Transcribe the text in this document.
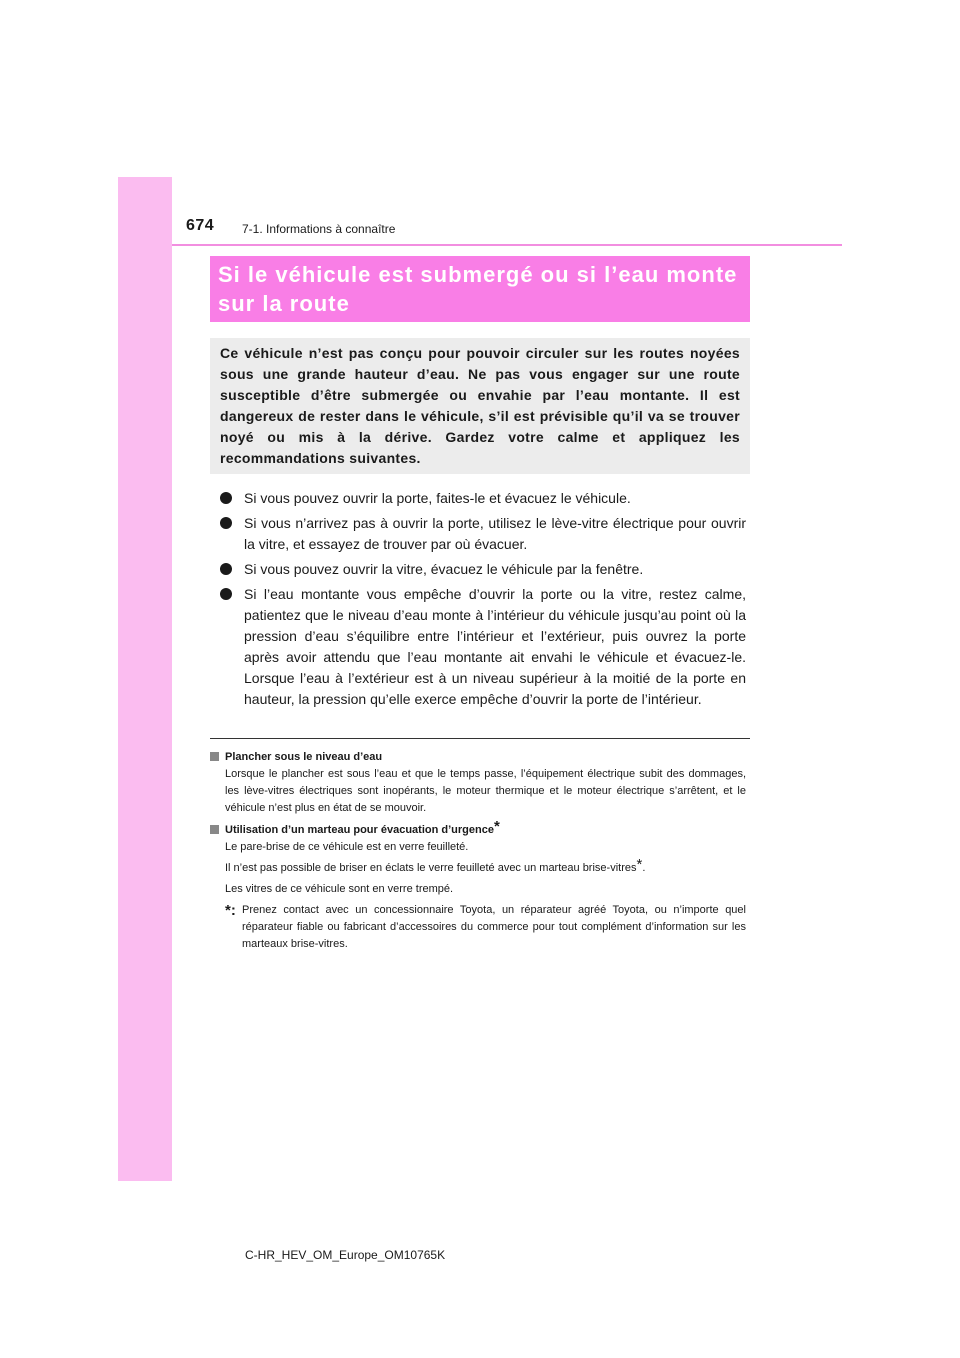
674 7-1. Informations à connaître
Si le véhicule est submergé ou si l’eau monte sur la route

Ce véhicule n’est pas conçu pour pouvoir circuler sur les routes noyées sous une grande hauteur d’eau. Ne pas vous engager sur une route susceptible d’être submergée ou envahie par l’eau montante. Il est dangereux de rester dans le véhicule, s’il est prévisible qu’il va se trouver noyé ou mis à la dérive. Gardez votre calme et appliquez les recommandations suivantes.

Si vous pouvez ouvrir la porte, faites-le et évacuez le véhicule.
Si vous n’arrivez pas à ouvrir la porte, utilisez le lève-vitre électrique pour ouvrir la vitre, et essayez de trouver par où évacuer.
Si vous pouvez ouvrir la vitre, évacuez le véhicule par la fenêtre.
Si l’eau montante vous empêche d’ouvrir la porte ou la vitre, restez calme, patientez que le niveau d’eau monte à l’intérieur du véhicule jusqu’au point où la pression d’eau s’équilibre entre l’intérieur et l’extérieur, puis ouvrez la porte après avoir attendu que l’eau montante ait envahi le véhicule et évacuez-le. Lorsque l’eau à l’extérieur est à un niveau supérieur à la moitié de la porte en hauteur, la pression qu’elle exerce empêche d’ouvrir la porte de l’intérieur.
Plancher sous le niveau d’eau
Lorsque le plancher est sous l’eau et que le temps passe, l’équipement électrique subit des dommages, les lève-vitres électriques sont inopérants, le moteur thermique et le moteur électrique s’arrêtent, et le véhicule n’est plus en état de se mouvoir.
Utilisation d’un marteau pour évacuation d’urgence*
Le pare-brise de ce véhicule est en verre feuilleté.
Il n’est pas possible de briser en éclats le verre feuilleté avec un marteau brise-vitres*.
Les vitres de ce véhicule sont en verre trempé.
*: Prenez contact avec un concessionnaire Toyota, un réparateur agréé Toyota, ou n’importe quel réparateur fiable ou fabricant d’accessoires du commerce pour tout complément d’information sur les marteaux brise-vitres.
C-HR_HEV_OM_Europe_OM10765K
